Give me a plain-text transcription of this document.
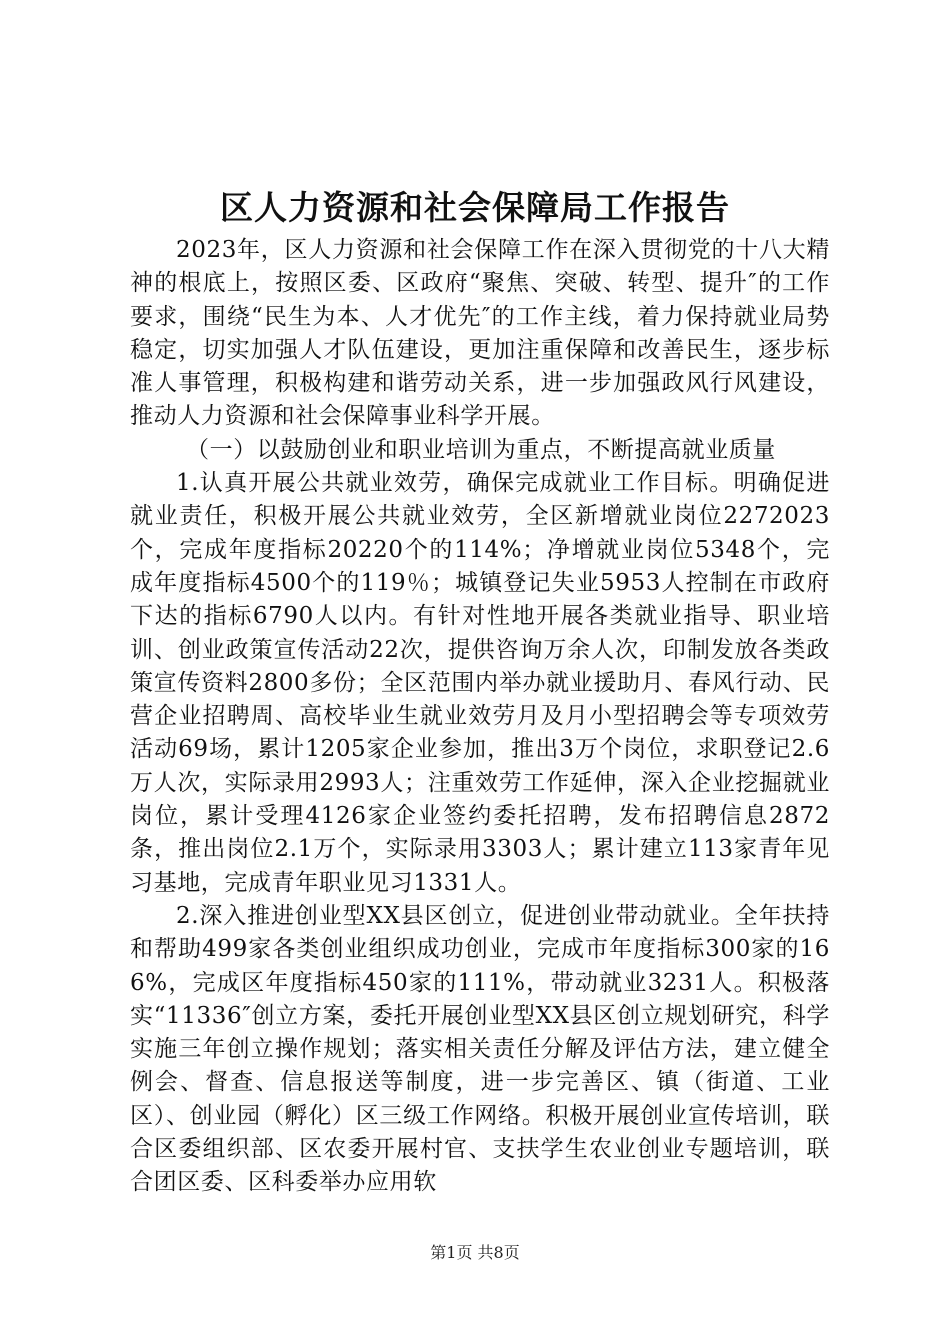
区人力资源和社会保障局工作报告

2023年，区人力资源和社会保障工作在深入贯彻党的十八大精神的根底上，按照区委、区政府“聚焦、突破、转型、提升″的工作要求，围绕“民生为本、人才优先″的工作主线，着力保持就业局势稳定，切实加强人才队伍建设，更加注重保障和改善民生，逐步标准人事管理，积极构建和谐劳动关系，进一步加强政风行风建设，推动人力资源和社会保障事业科学开展。

（一）以鼓励创业和职业培训为重点，不断提高就业质量

1.认真开展公共就业效劳，确保完成就业工作目标。明确促进就业责任，积极开展公共就业效劳，全区新增就业岗位2272023个，完成年度指标20220个的114%；净增就业岗位5348个，完成年度指标4500个的119％；城镇登记失业5953人控制在市政府下达的指标6790人以内。有针对性地开展各类就业指导、职业培训、创业政策宣传活动22次，提供咨询万余人次，印制发放各类政策宣传资料2800多份；全区范围内举办就业援助月、春风行动、民营企业招聘周、高校毕业生就业效劳月及月小型招聘会等专项效劳活动69场，累计1205家企业参加，推出3万个岗位，求职登记2.6万人次，实际录用2993人；注重效劳工作延伸，深入企业挖掘就业岗位，累计受理4126家企业签约委托招聘，发布招聘信息2872条，推出岗位2.1万个，实际录用3303人；累计建立113家青年见习基地，完成青年职业见习1331人。

2.深入推进创业型XX县区创立，促进创业带动就业。全年扶持和帮助499家各类创业组织成功创业，完成市年度指标300家的166%，完成区年度指标450家的111%，带动就业3231人。积极落实“11336″创立方案，委托开展创业型XX县区创立规划研究，科学实施三年创立操作规划；落实相关责任分解及评估方法，建立健全例会、督查、信息报送等制度，进一步完善区、镇（街道、工业区）、创业园（孵化）区三级工作网络。积极开展创业宣传培训，联合区委组织部、区农委开展村官、支扶学生农业创业专题培训，联合团区委、区科委举办应用软

第1页 共8页
